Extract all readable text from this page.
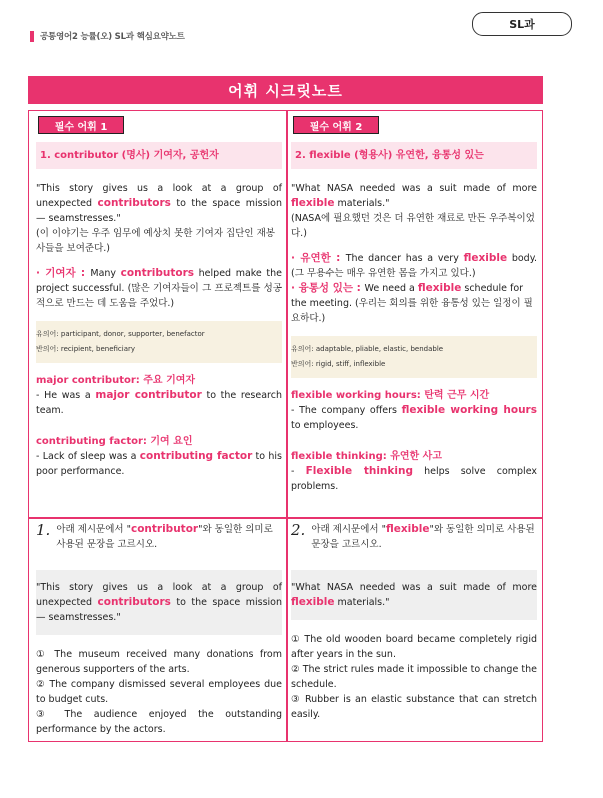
공통영어2 능률(오) SL과 핵심요약노트
SL과
어휘 시크릿노트
필수 어휘 1
1. contributor (명사) 기여자, 공헌자
"This story gives us a look at a group of unexpected contributors to the space mission — seamstresses."
(이 이야기는 우주 임무에 예상치 못한 기여자 집단인 재봉사들을 보여준다.)
· 기여자 : Many contributors helped make the project successful. (많은 기여자들이 그 프로젝트를 성공적으로 만드는 데 도움을 주었다.)
유의어: participant, donor, supporter, benefactor
반의어: recipient, beneficiary
major contributor: 주요 기여자
- He was a major contributor to the research team.
contributing factor: 기여 요인
- Lack of sleep was a contributing factor to his poor performance.
필수 어휘 2
2. flexible (형용사) 유연한, 융통성 있는
"What NASA needed was a suit made of more flexible materials."
(NASA에 필요했던 것은 더 유연한 재료로 만든 우주복이었다.)
· 유연한 : The dancer has a very flexible body. (그 무용수는 매우 유연한 몸을 가지고 있다.)
· 융통성 있는 : We need a flexible schedule for the meeting. (우리는 회의를 위한 융통성 있는 일정이 필요하다.)
유의어: adaptable, pliable, elastic, bendable
반의어: rigid, stiff, inflexible
flexible working hours: 탄력 근무 시간
- The company offers flexible working hours to employees.
flexible thinking: 유연한 사고
- Flexible thinking helps solve complex problems.
1. 아래 제시문에서 "contributor"와 동일한 의미로 사용된 문장을 고르시오.
"This story gives us a look at a group of unexpected contributors to the space mission — seamstresses."
① The museum received many donations from generous supporters of the arts.
② The company dismissed several employees due to budget cuts.
③ The audience enjoyed the outstanding performance by the actors.
2. 아래 제시문에서 "flexible"와 동일한 의미로 사용된 문장을 고르시오.
"What NASA needed was a suit made of more flexible materials."
① The old wooden board became completely rigid after years in the sun.
② The strict rules made it impossible to change the schedule.
③ Rubber is an elastic substance that can stretch easily.
